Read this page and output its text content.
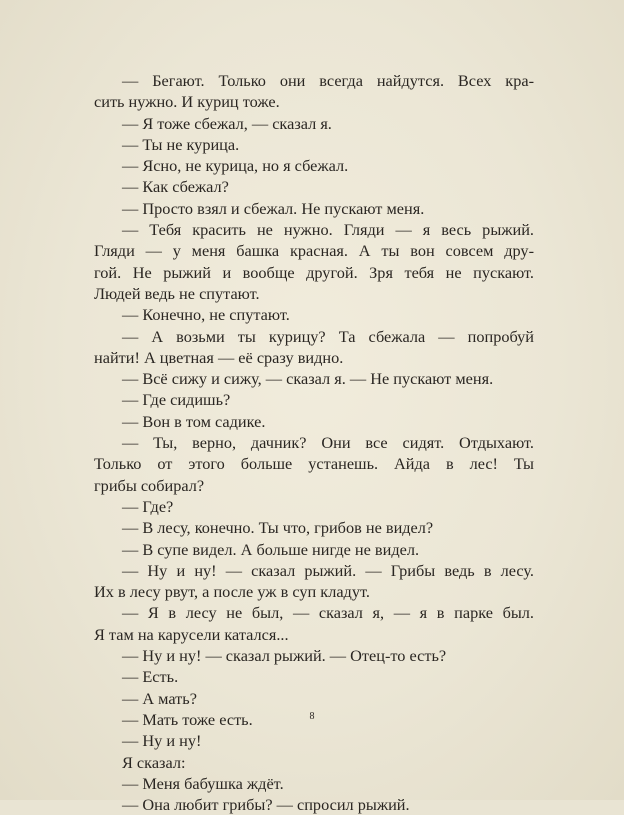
— Бегают. Только они всегда найдутся. Всех кра-
сить нужно. И куриц тоже.
— Я тоже сбежал, — сказал я.
— Ты не курица.
— Ясно, не курица, но я сбежал.
— Как сбежал?
— Просто взял и сбежал. Не пускают меня.
— Тебя красить не нужно. Гляди — я весь рыжий.
Гляди — у меня башка красная. А ты вон совсем дру-
гой. Не рыжий и вообще другой. Зря тебя не пускают.
Людей ведь не спутают.
— Конечно, не спутают.
— А возьми ты курицу? Та сбежала — попробуй
найти! А цветная — её сразу видно.
— Всё сижу и сижу, — сказал я. — Не пускают меня.
— Где сидишь?
— Вон в том садике.
— Ты, верно, дачник? Они все сидят. Отдыхают.
Только от этого больше устанешь. Айда в лес! Ты
грибы собирал?
— Где?
— В лесу, конечно. Ты что, грибов не видел?
— В супе видел. А больше нигде не видел.
— Ну и ну! — сказал рыжий. — Грибы ведь в лесу.
Их в лесу рвут, а после уж в суп кладут.
— Я в лесу не был, — сказал я, — я в парке был.
Я там на карусели катался...
— Ну и ну! — сказал рыжий. — Отец-то есть?
— Есть.
— А мать?
— Мать тоже есть.
— Ну и ну!
Я сказал:
— Меня бабушка ждёт.
— Она любит грибы? — спросил рыжий.
8
